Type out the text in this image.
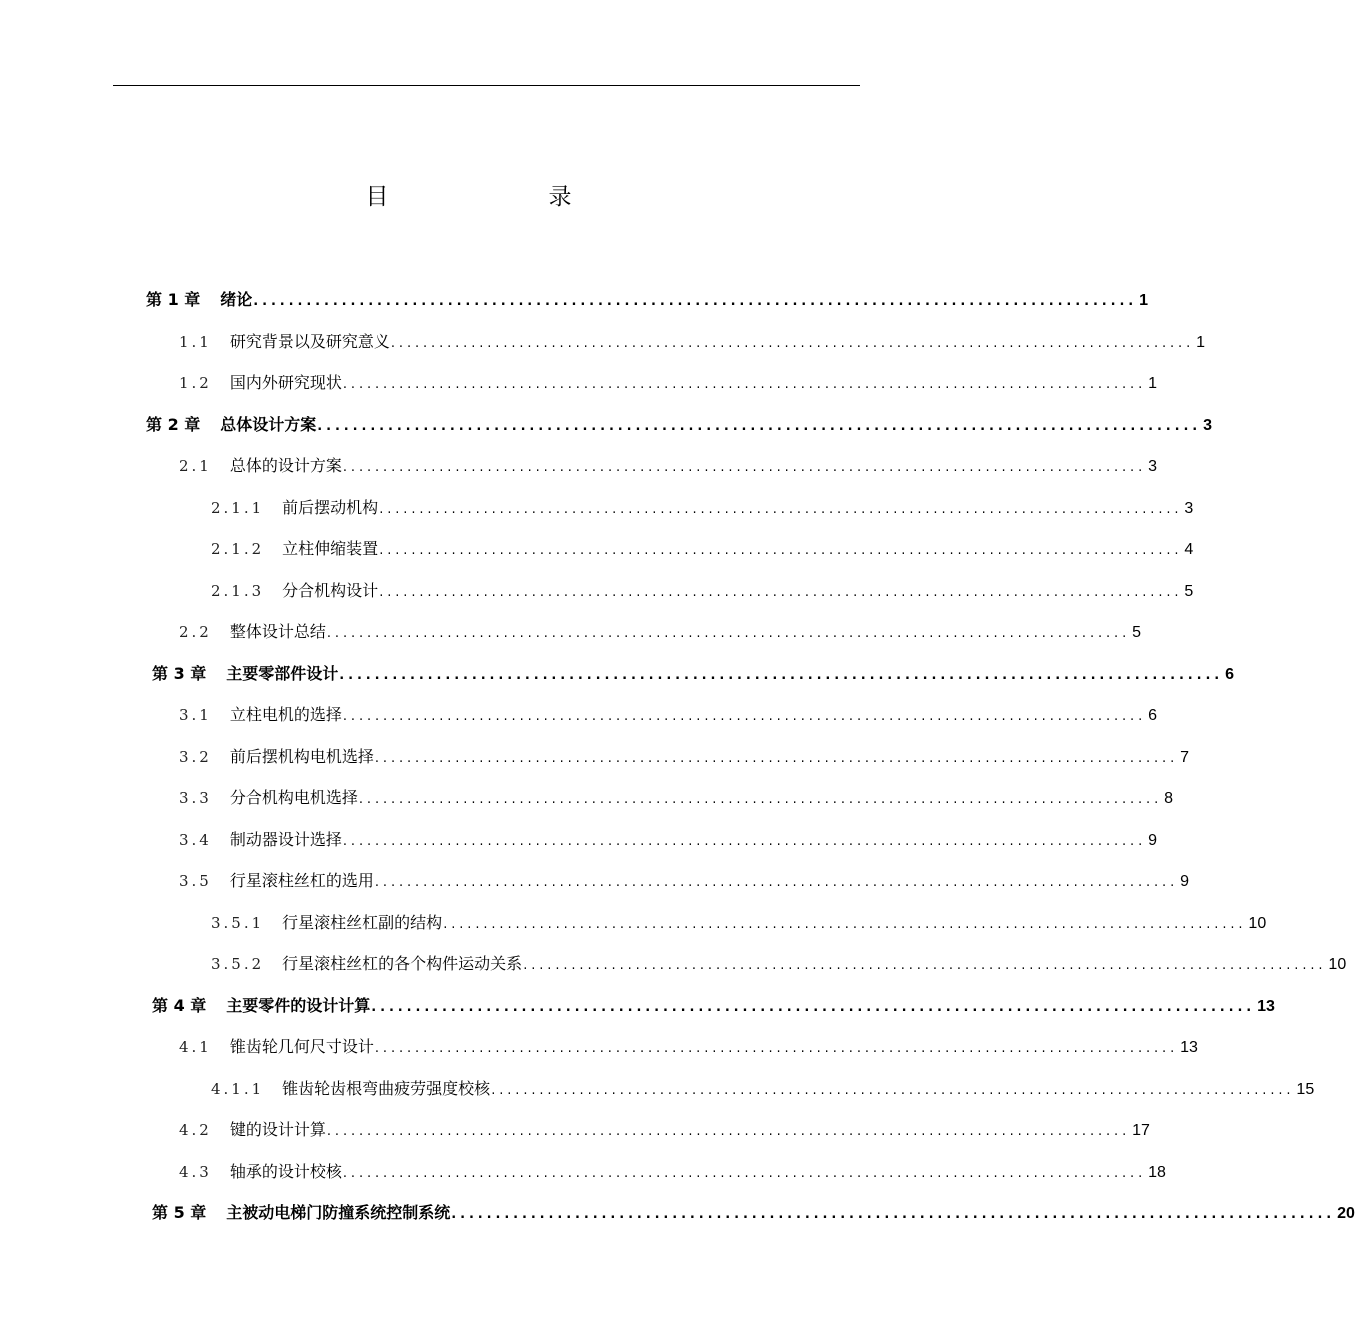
目　　录
第 1 章 绪论 .................................................................................................... 1
1.1 研究背景以及研究意义 .................................................................................................... 1
1.2 国内外研究现状 .................................................................................................... 1
第 2 章 总体设计方案 .................................................................................................... 3
2.1 总体的设计方案 .................................................................................................... 3
2.1.1 前后摆动机构 .................................................................................................... 3
2.1.2 立柱伸缩装置 .................................................................................................... 4
2.1.3 分合机构设计 .................................................................................................... 5
2.2 整体设计总结 .................................................................................................... 5
第 3 章 主要零部件设计 .................................................................................................... 6
3.1 立柱电机的选择 .................................................................................................... 6
3.2 前后摆机构电机选择 .................................................................................................... 7
3.3 分合机构电机选择 .................................................................................................... 8
3.4 制动器设计选择 .................................................................................................... 9
3.5 行星滚柱丝杠的选用 .................................................................................................... 9
3.5.1 行星滚柱丝杠副的结构 .................................................................................................... 10
3.5.2 行星滚柱丝杠的各个构件运动关系 .................................................................................................... 10
第 4 章 主要零件的设计计算 .................................................................................................... 13
4.1 锥齿轮几何尺寸设计 .................................................................................................... 13
4.1.1 锥齿轮齿根弯曲疲劳强度校核 .................................................................................................... 15
4.2 键的设计计算 .................................................................................................... 17
4.3 轴承的设计校核 .................................................................................................... 18
第 5 章 主被动电梯门防撞系统控制系统 .................................................................................................... 20
